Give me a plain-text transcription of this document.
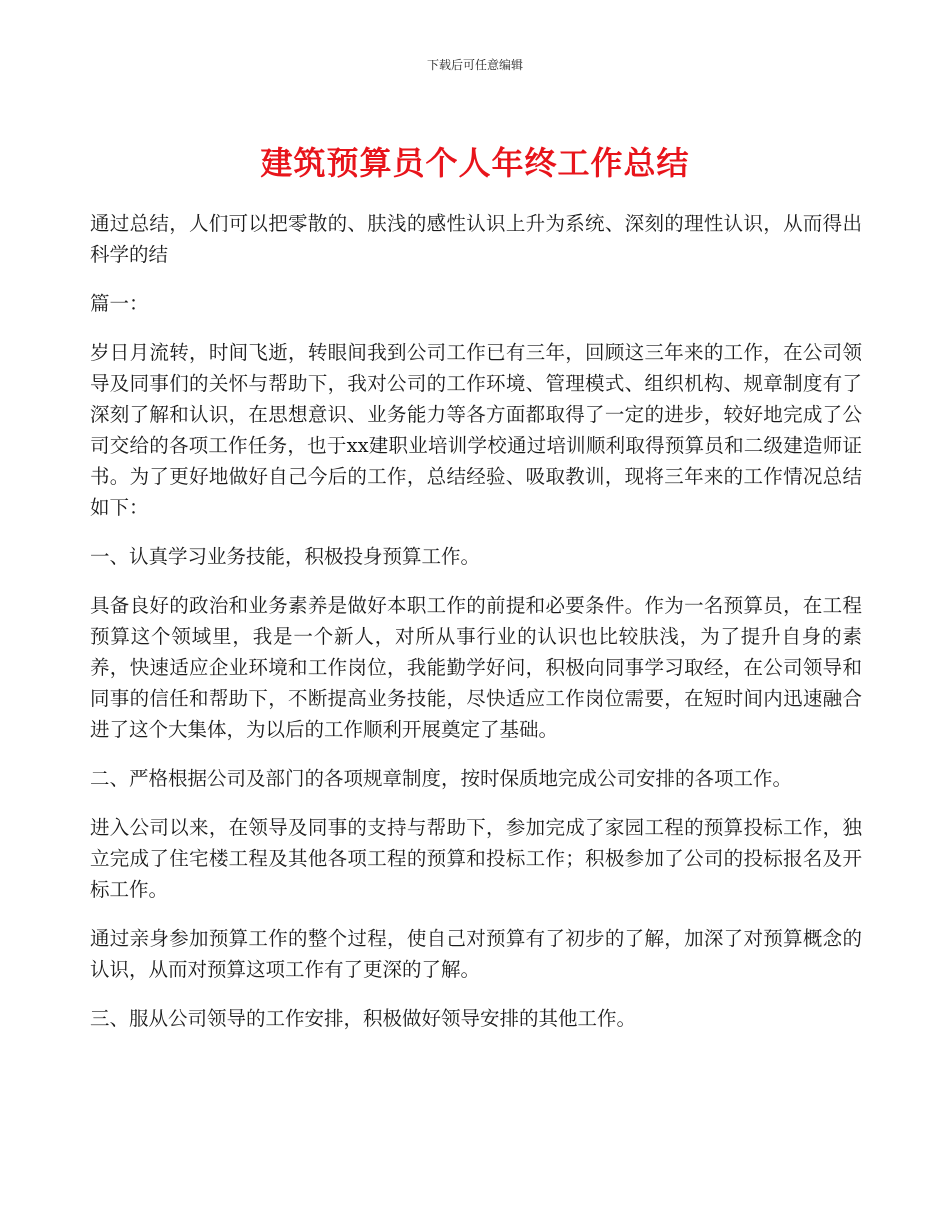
下载后可任意编辑
建筑预算员个人年终工作总结

通过总结，人们可以把零散的、肤浅的感性认识上升为系统、深刻的理性认识，从而得出科学的结

篇一：

岁日月流转，时间飞逝，转眼间我到公司工作已有三年，回顾这三年来的工作，在公司领导及同事们的关怀与帮助下，我对公司的工作环境、管理模式、组织机构、规章制度有了深刻了解和认识，在思想意识、业务能力等各方面都取得了一定的进步，较好地完成了公司交给的各项工作任务，也于xx建职业培训学校通过培训顺利取得预算员和二级建造师证书。为了更好地做好自己今后的工作，总结经验、吸取教训，现将三年来的工作情况总结如下：

一、认真学习业务技能，积极投身预算工作。

具备良好的政治和业务素养是做好本职工作的前提和必要条件。作为一名预算员，在工程预算这个领域里，我是一个新人，对所从事行业的认识也比较肤浅，为了提升自身的素养，快速适应企业环境和工作岗位，我能勤学好问，积极向同事学习取经，在公司领导和同事的信任和帮助下，不断提高业务技能，尽快适应工作岗位需要，在短时间内迅速融合进了这个大集体，为以后的工作顺利开展奠定了基础。

二、严格根据公司及部门的各项规章制度，按时保质地完成公司安排的各项工作。

进入公司以来，在领导及同事的支持与帮助下，参加完成了家园工程的预算投标工作，独立完成了住宅楼工程及其他各项工程的预算和投标工作；积极参加了公司的投标报名及开标工作。

通过亲身参加预算工作的整个过程，使自己对预算有了初步的了解，加深了对预算概念的认识，从而对预算这项工作有了更深的了解。

三、服从公司领导的工作安排，积极做好领导安排的其他工作。
